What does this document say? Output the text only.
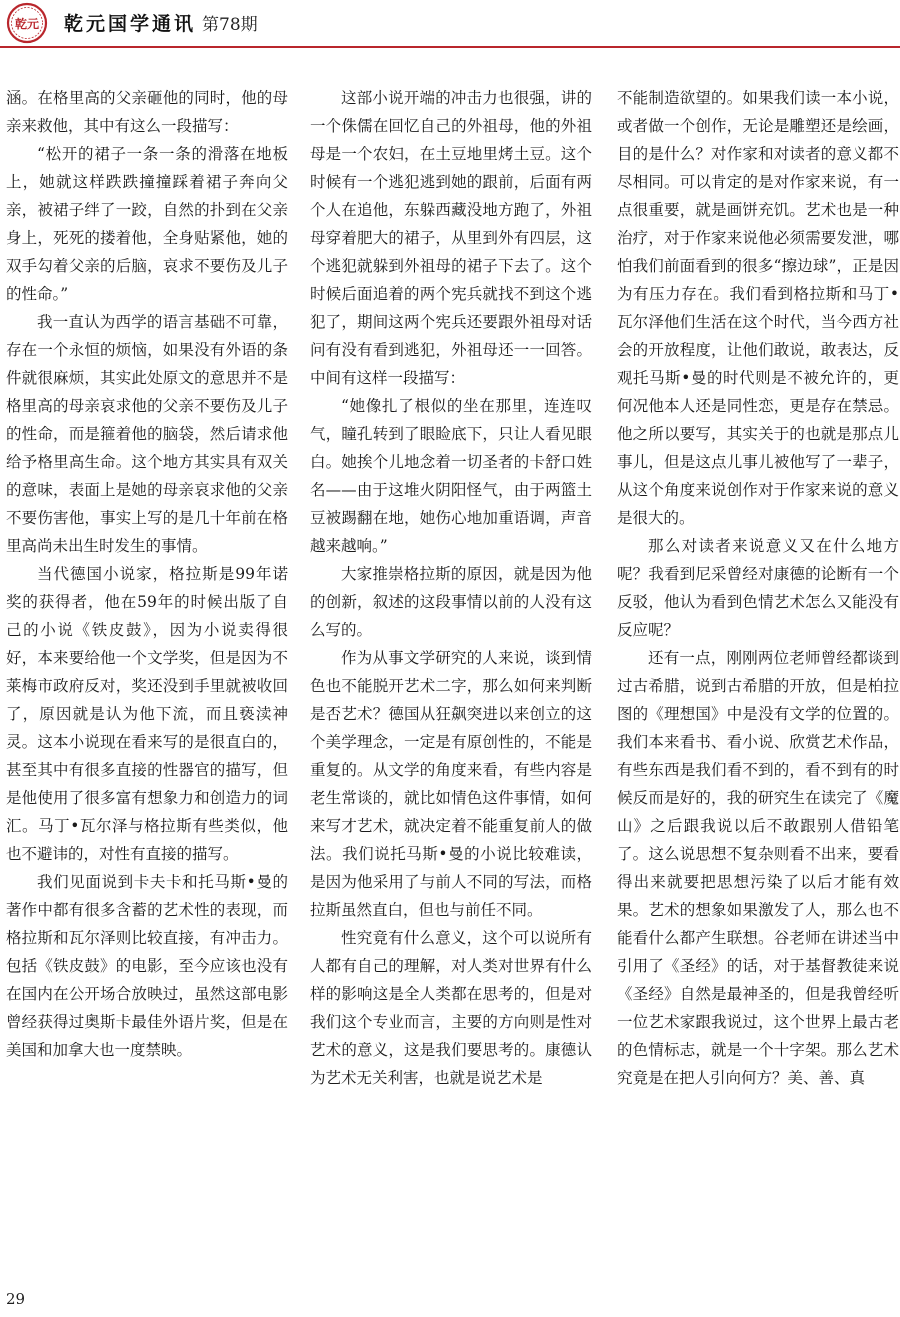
乾元 乾元国学通讯 第78期

涵。在格里高的父亲砸他的同时，他的母亲来救他，其中有这么一段描写：

“松开的裙子一条一条的滑落在地板上，她就这样跌跌撞撞踩着裙子奔向父亲，被裙子绊了一跤，自然的扑到在父亲身上，死死的搂着他，全身贴紧他，她的双手勾着父亲的后脑，哀求不要伤及儿子的性命。”

我一直认为西学的语言基础不可靠，存在一个永恒的烦恼，如果没有外语的条件就很麻烦，其实此处原文的意思并不是格里高的母亲哀求他的父亲不要伤及儿子的性命，而是箍着他的脑袋，然后请求他给予格里高生命。这个地方其实具有双关的意味，表面上是她的母亲哀求他的父亲不要伤害他，事实上写的是几十年前在格里高尚未出生时发生的事情。

当代德国小说家，格拉斯是99年诺奖的获得者，他在59年的时候出版了自己的小说《铁皮鼓》，因为小说卖得很好，本来要给他一个文学奖，但是因为不莱梅市政府反对，奖还没到手里就被收回了，原因就是认为他下流，而且亵渎神灵。这本小说现在看来写的是很直白的，甚至其中有很多直接的性器官的描写，但是他使用了很多富有想象力和创造力的词汇。马丁•瓦尔泽与格拉斯有些类似，他也不避讳的，对性有直接的描写。

我们见面说到卡夫卡和托马斯•曼的著作中都有很多含蓄的艺术性的表现，而格拉斯和瓦尔泽则比较直接，有冲击力。包括《铁皮鼓》的电影，至今应该也没有在国内在公开场合放映过，虽然这部电影曾经获得过奥斯卡最佳外语片奖，但是在美国和加拿大也一度禁映。

这部小说开端的冲击力也很强，讲的一个侏儒在回忆自己的外祖母，他的外祖母是一个农妇，在土豆地里烤土豆。这个时候有一个逃犯逃到她的跟前，后面有两个人在追他，东躲西藏没地方跑了，外祖母穿着肥大的裙子，从里到外有四层，这个逃犯就躲到外祖母的裙子下去了。这个时候后面追着的两个宪兵就找不到这个逃犯了，期间这两个宪兵还要跟外祖母对话问有没有看到逃犯，外祖母还一一回答。中间有这样一段描写：

“她像扎了根似的坐在那里，连连叹气，瞳孔转到了眼睑底下，只让人看见眼白。她挨个儿地念着一切圣者的卡舒口姓名——由于这堆火阴阳怪气，由于两篮土豆被踢翻在地，她伤心地加重语调，声音越来越响。”

大家推崇格拉斯的原因，就是因为他的创新，叙述的这段事情以前的人没有这么写的。

作为从事文学研究的人来说，谈到情色也不能脱开艺术二字，那么如何来判断是否艺术？德国从狂飙突进以来创立的这个美学理念，一定是有原创性的，不能是重复的。从文学的角度来看，有些内容是老生常谈的，就比如情色这件事情，如何来写才艺术，就决定着不能重复前人的做法。我们说托马斯•曼的小说比较难读，是因为他采用了与前人不同的写法，而格拉斯虽然直白，但也与前任不同。

性究竟有什么意义，这个可以说所有人都有自己的理解，对人类对世界有什么样的影响这是全人类都在思考的，但是对我们这个专业而言，主要的方向则是性对艺术的意义，这是我们要思考的。康德认为艺术无关利害，也就是说艺术是

不能制造欲望的。如果我们读一本小说，或者做一个创作，无论是雕塑还是绘画，目的是什么？对作家和对读者的意义都不尽相同。可以肯定的是对作家来说，有一点很重要，就是画饼充饥。艺术也是一种治疗，对于作家来说他必须需要发泄，哪怕我们前面看到的很多“擦边球”，正是因为有压力存在。我们看到格拉斯和马丁•瓦尔泽他们生活在这个时代，当今西方社会的开放程度，让他们敢说，敢表达，反观托马斯•曼的时代则是不被允许的，更何况他本人还是同性恋，更是存在禁忌。他之所以要写，其实关于的也就是那点儿事儿，但是这点儿事儿被他写了一辈子，从这个角度来说创作对于作家来说的意义是很大的。

那么对读者来说意义又在什么地方呢？我看到尼采曾经对康德的论断有一个反驳，他认为看到色情艺术怎么又能没有反应呢？

还有一点，刚刚两位老师曾经都谈到过古希腊，说到古希腊的开放，但是柏拉图的《理想国》中是没有文学的位置的。我们本来看书、看小说、欣赏艺术作品，有些东西是我们看不到的，看不到有的时候反而是好的，我的研究生在读完了《魔山》之后跟我说以后不敢跟别人借铅笔了。这么说思想不复杂则看不出来，要看得出来就要把思想污染了以后才能有效果。艺术的想象如果激发了人，那么也不能看什么都产生联想。谷老师在讲述当中引用了《圣经》的话，对于基督教徒来说《圣经》自然是最神圣的，但是我曾经听一位艺术家跟我说过，这个世界上最古老的色情标志，就是一个十字架。那么艺术究竟是在把人引向何方？美、善、真

29
